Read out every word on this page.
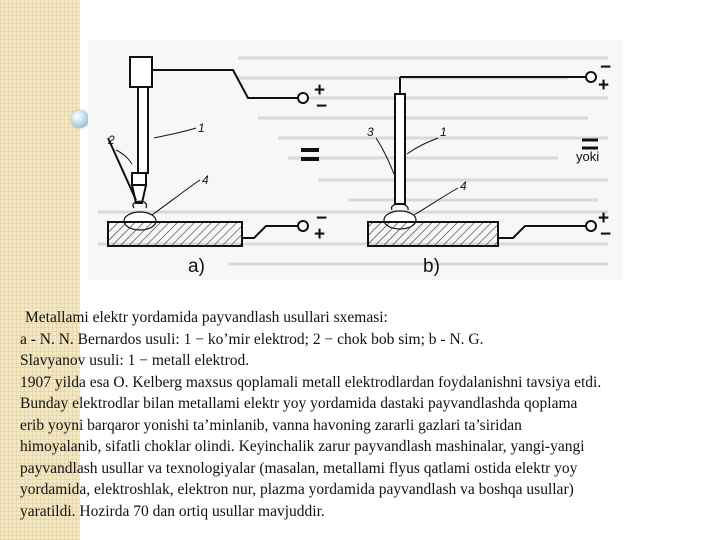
+
−
−
+
1
2
4
a)
−
+
+
−
yoki
3	1
4
b)

Metallami elektr yordamida payvandlash usullari sxemasi:

a - N. N. Bernardos usuli: 1 − ko’mir elektrod; 2 − chok bob sim; b - N. G.

Slavyanov usuli: 1 − metall elektrod.

1907 yilda esa O. Kelberg maxsus qoplamali metall elektrodlardan foydalanishni tavsiya etdi.

Bunday elektrodlar bilan metallami elektr yoy yordamida dastaki payvandlashda qoplama

erib yoyni barqaror yonishi ta’minlanib, vanna havoning zararli gazlari ta’siridan

himoyalanib, sifatli choklar olindi. Keyinchalik zarur payvandlash mashinalar, yangi-yangi

payvandlash usullar va texnologiyalar (masalan, metallami flyus qatlami ostida elektr yoy

yordamida, elektroshlak, elektron nur, plazma yordamida payvandlash va boshqa usullar)

yaratildi. Hozirda 70 dan ortiq usullar mavjuddir.
